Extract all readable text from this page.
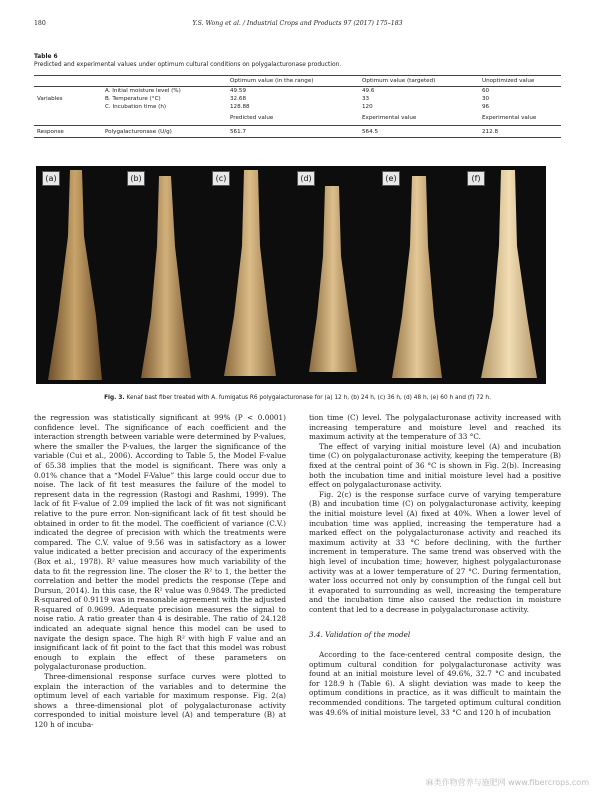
180	Y.S. Wong et al. / Industrial Crops and Products 97 (2017) 175–183
Table 6
Predicted and experimental values under optimum cultural conditions on polygalacturonase production.
		Optimum value (in the range)	Optimum value (targeted)	Unoptimized value
	A. Initial moisture level (%)	49.59	49.6	60
Variables	B. Temperature (°C)	32.68	33	30
	C. Incubation time (h)	128.88	120	96
		Predicted value	Experimental value	Experimental value
Response	Polygalacturonase (U/g)	561.7	564.5	212.8
(a)	(b)	(c)	(d)	(e)	(f)
Fig. 3. Kenaf bast fiber treated with A. fumigatus R6 polygalacturonase for (a) 12 h, (b) 24 h, (c) 36 h, (d) 48 h, (e) 60 h and (f) 72 h.

the regression was statistically significant at 99% (P < 0.0001) confidence level. The significance of each coefficient and the interaction strength between variable were determined by P-values, where the smaller the P-values, the larger the significance of the variable (Cui et al., 2006). According to Table 5, the Model F-value of 65.38 implies that the model is significant. There was only a 0.01% chance that a “Model F-Value” this large could occur due to noise. The lack of fit test measures the failure of the model to represent data in the regression (Rastogi and Rashmi, 1999). The lack of fit F-value of 2.09 implied the lack of fit was not significant relative to the pure error. Non-significant lack of fit test should be obtained in order to fit the model. The coefficient of variance (C.V.) indicated the degree of precision with which the treatments were compared. The C.V. value of 9.56 was in satisfactory as a lower value indicated a better precision and accuracy of the experiments (Box et al., 1978). R² value measures how much variability of the data to fit the regression line. The closer the R² to 1, the better the correlation and better the model predicts the response (Tepe and Dursun, 2014). In this case, the R² value was 0.9849. The predicted R-squared of 0.9119 was in reasonable agreement with the adjusted R-squared of 0.9699. Adequate precision measures the signal to noise ratio. A ratio greater than 4 is desirable. The ratio of 24.128 indicated an adequate signal hence this model can be used to navigate the design space. The high R² with high F value and an insignificant lack of fit point to the fact that this model was robust enough to explain the effect of these parameters on polygalacturonase production.

Three-dimensional response surface curves were plotted to explain the interaction of the variables and to determine the optimum level of each variable for maximum response. Fig. 2(a) shows a three-dimensional plot of polygalacturonase activity corresponded to initial moisture level (A) and temperature (B) at 120 h of incuba-

tion time (C) level. The polygalacturonase activity increased with increasing temperature and moisture level and reached its maximum activity at the temperature of 33 °C.

The effect of varying initial moisture level (A) and incubation time (C) on polygalacturonase activity, keeping the temperature (B) fixed at the central point of 36 °C is shown in Fig. 2(b). Increasing both the incubation time and initial moisture level had a positive effect on polygalacturonase activity.

Fig. 2(c) is the response surface curve of varying temperature (B) and incubation time (C) on polygalacturonase activity, keeping the initial moisture level (A) fixed at 40%. When a lower level of incubation time was applied, increasing the temperature had a marked effect on the polygalacturonase activity and reached its maximum activity at 33 °C before declining, with the further increment in temperature. The same trend was observed with the high level of incubation time; however, highest polygalacturonase activity was at a lower temperature of 27 °C. During fermentation, water loss occurred not only by consumption of the fungal cell but it evaporated to surrounding as well, increasing the temperature and the incubation time also caused the reduction in moisture content that led to a decrease in polygalacturonase activity.

3.4. Validation of the model

According to the face-centered central composite design, the optimum cultural condition for polygalacturonase activity was found at an initial moisture level of 49.6%, 32.7 °C and incubated for 128.9 h (Table 6). A slight deviation was made to keep the optimum conditions in practice, as it was difficult to maintain the recommended conditions. The targeted optimum cultural condition was 49.6% of initial moisture level, 33 °C and 120 h of incubation

麻类作物营养与施肥网 www.fibercrops.com
